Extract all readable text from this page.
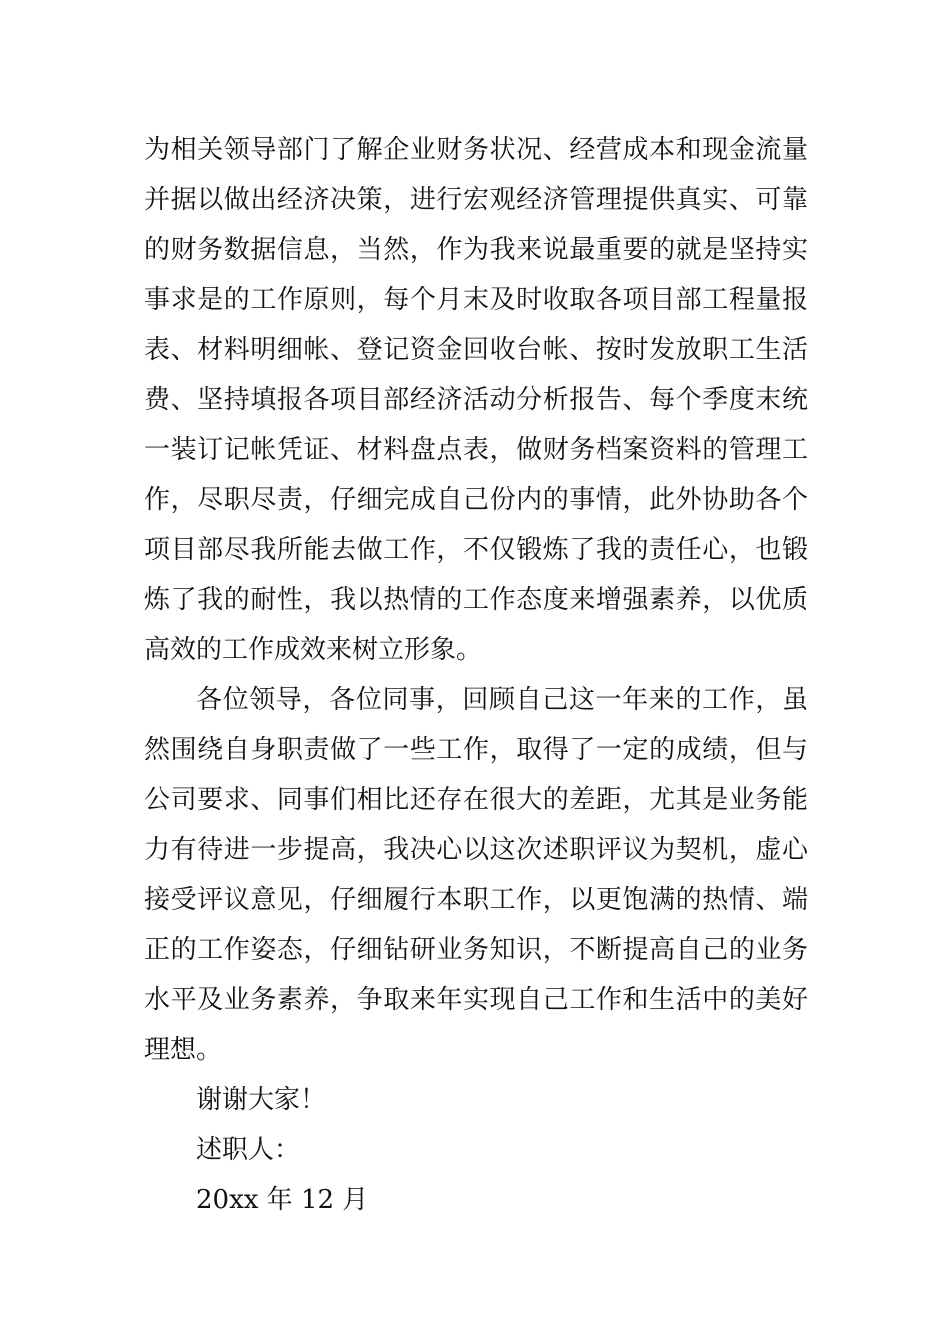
为相关领导部门了解企业财务状况、经营成本和现金流量
并据以做出经济决策，进行宏观经济管理提供真实、可靠
的财务数据信息，当然，作为我来说最重要的就是坚持实
事求是的工作原则，每个月末及时收取各项目部工程量报
表、材料明细帐、登记资金回收台帐、按时发放职工生活
费、坚持填报各项目部经济活动分析报告、每个季度末统
一装订记帐凭证、材料盘点表，做财务档案资料的管理工
作，尽职尽责，仔细完成自己份内的事情，此外协助各个
项目部尽我所能去做工作，不仅锻炼了我的责任心，也锻
炼了我的耐性，我以热情的工作态度来增强素养，以优质
高效的工作成效来树立形象。
各位领导，各位同事，回顾自己这一年来的工作，虽
然围绕自身职责做了一些工作，取得了一定的成绩，但与
公司要求、同事们相比还存在很大的差距，尤其是业务能
力有待进一步提高，我决心以这次述职评议为契机，虚心
接受评议意见，仔细履行本职工作，以更饱满的热情、端
正的工作姿态，仔细钻研业务知识，不断提高自己的业务
水平及业务素养，争取来年实现自己工作和生活中的美好
理想。
谢谢大家！
述职人：
20xx 年 12 月
